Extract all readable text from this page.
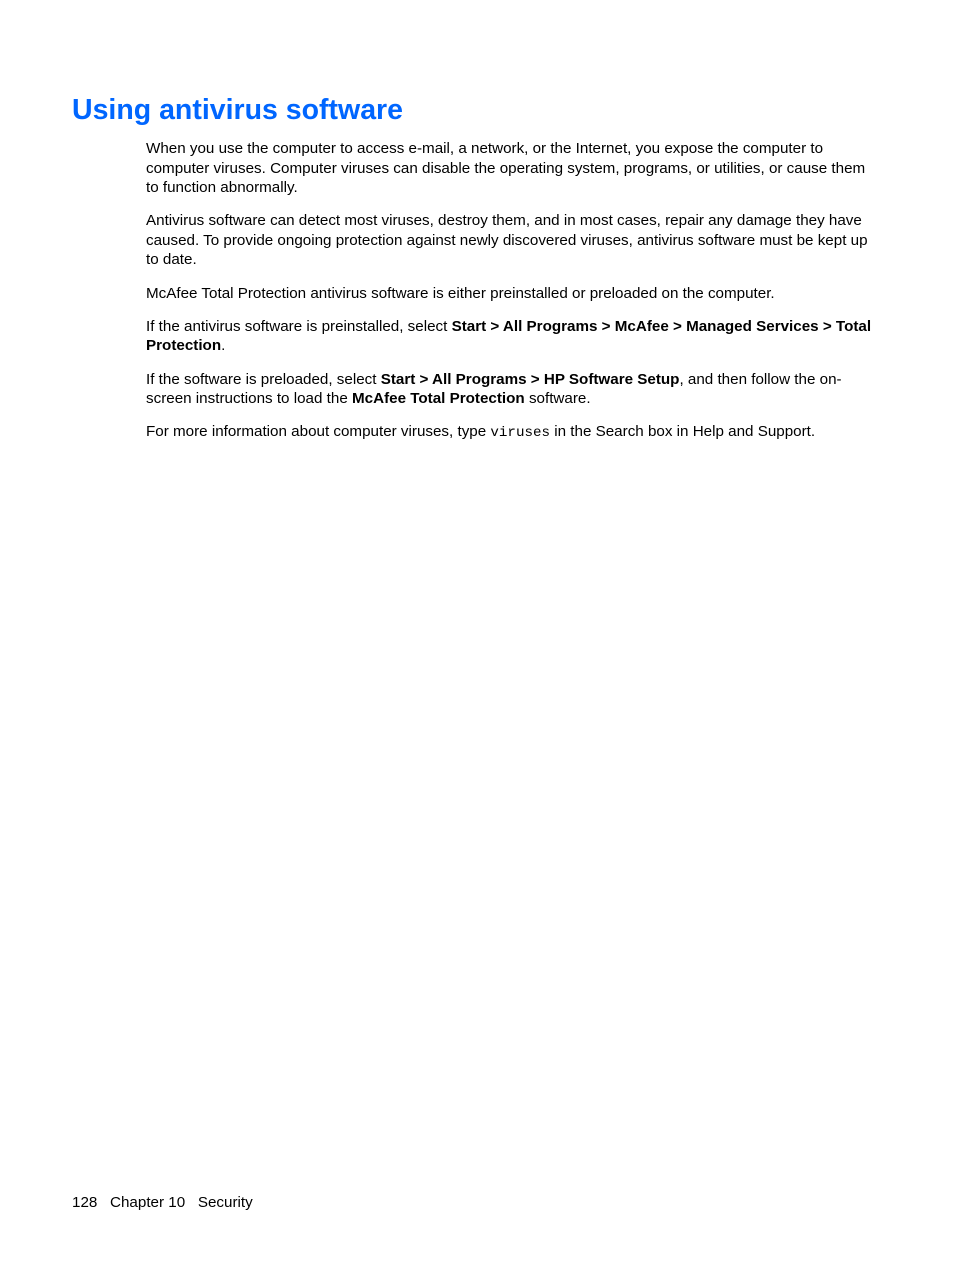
Using antivirus software

When you use the computer to access e-mail, a network, or the Internet, you expose the computer to computer viruses. Computer viruses can disable the operating system, programs, or utilities, or cause them to function abnormally.

Antivirus software can detect most viruses, destroy them, and in most cases, repair any damage they have caused. To provide ongoing protection against newly discovered viruses, antivirus software must be kept up to date.

McAfee Total Protection antivirus software is either preinstalled or preloaded on the computer.

If the antivirus software is preinstalled, select Start > All Programs > McAfee > Managed Services > Total Protection.

If the software is preloaded, select Start > All Programs > HP Software Setup, and then follow the on-screen instructions to load the McAfee Total Protection software.

For more information about computer viruses, type viruses in the Search box in Help and Support.

128 Chapter 10 Security
